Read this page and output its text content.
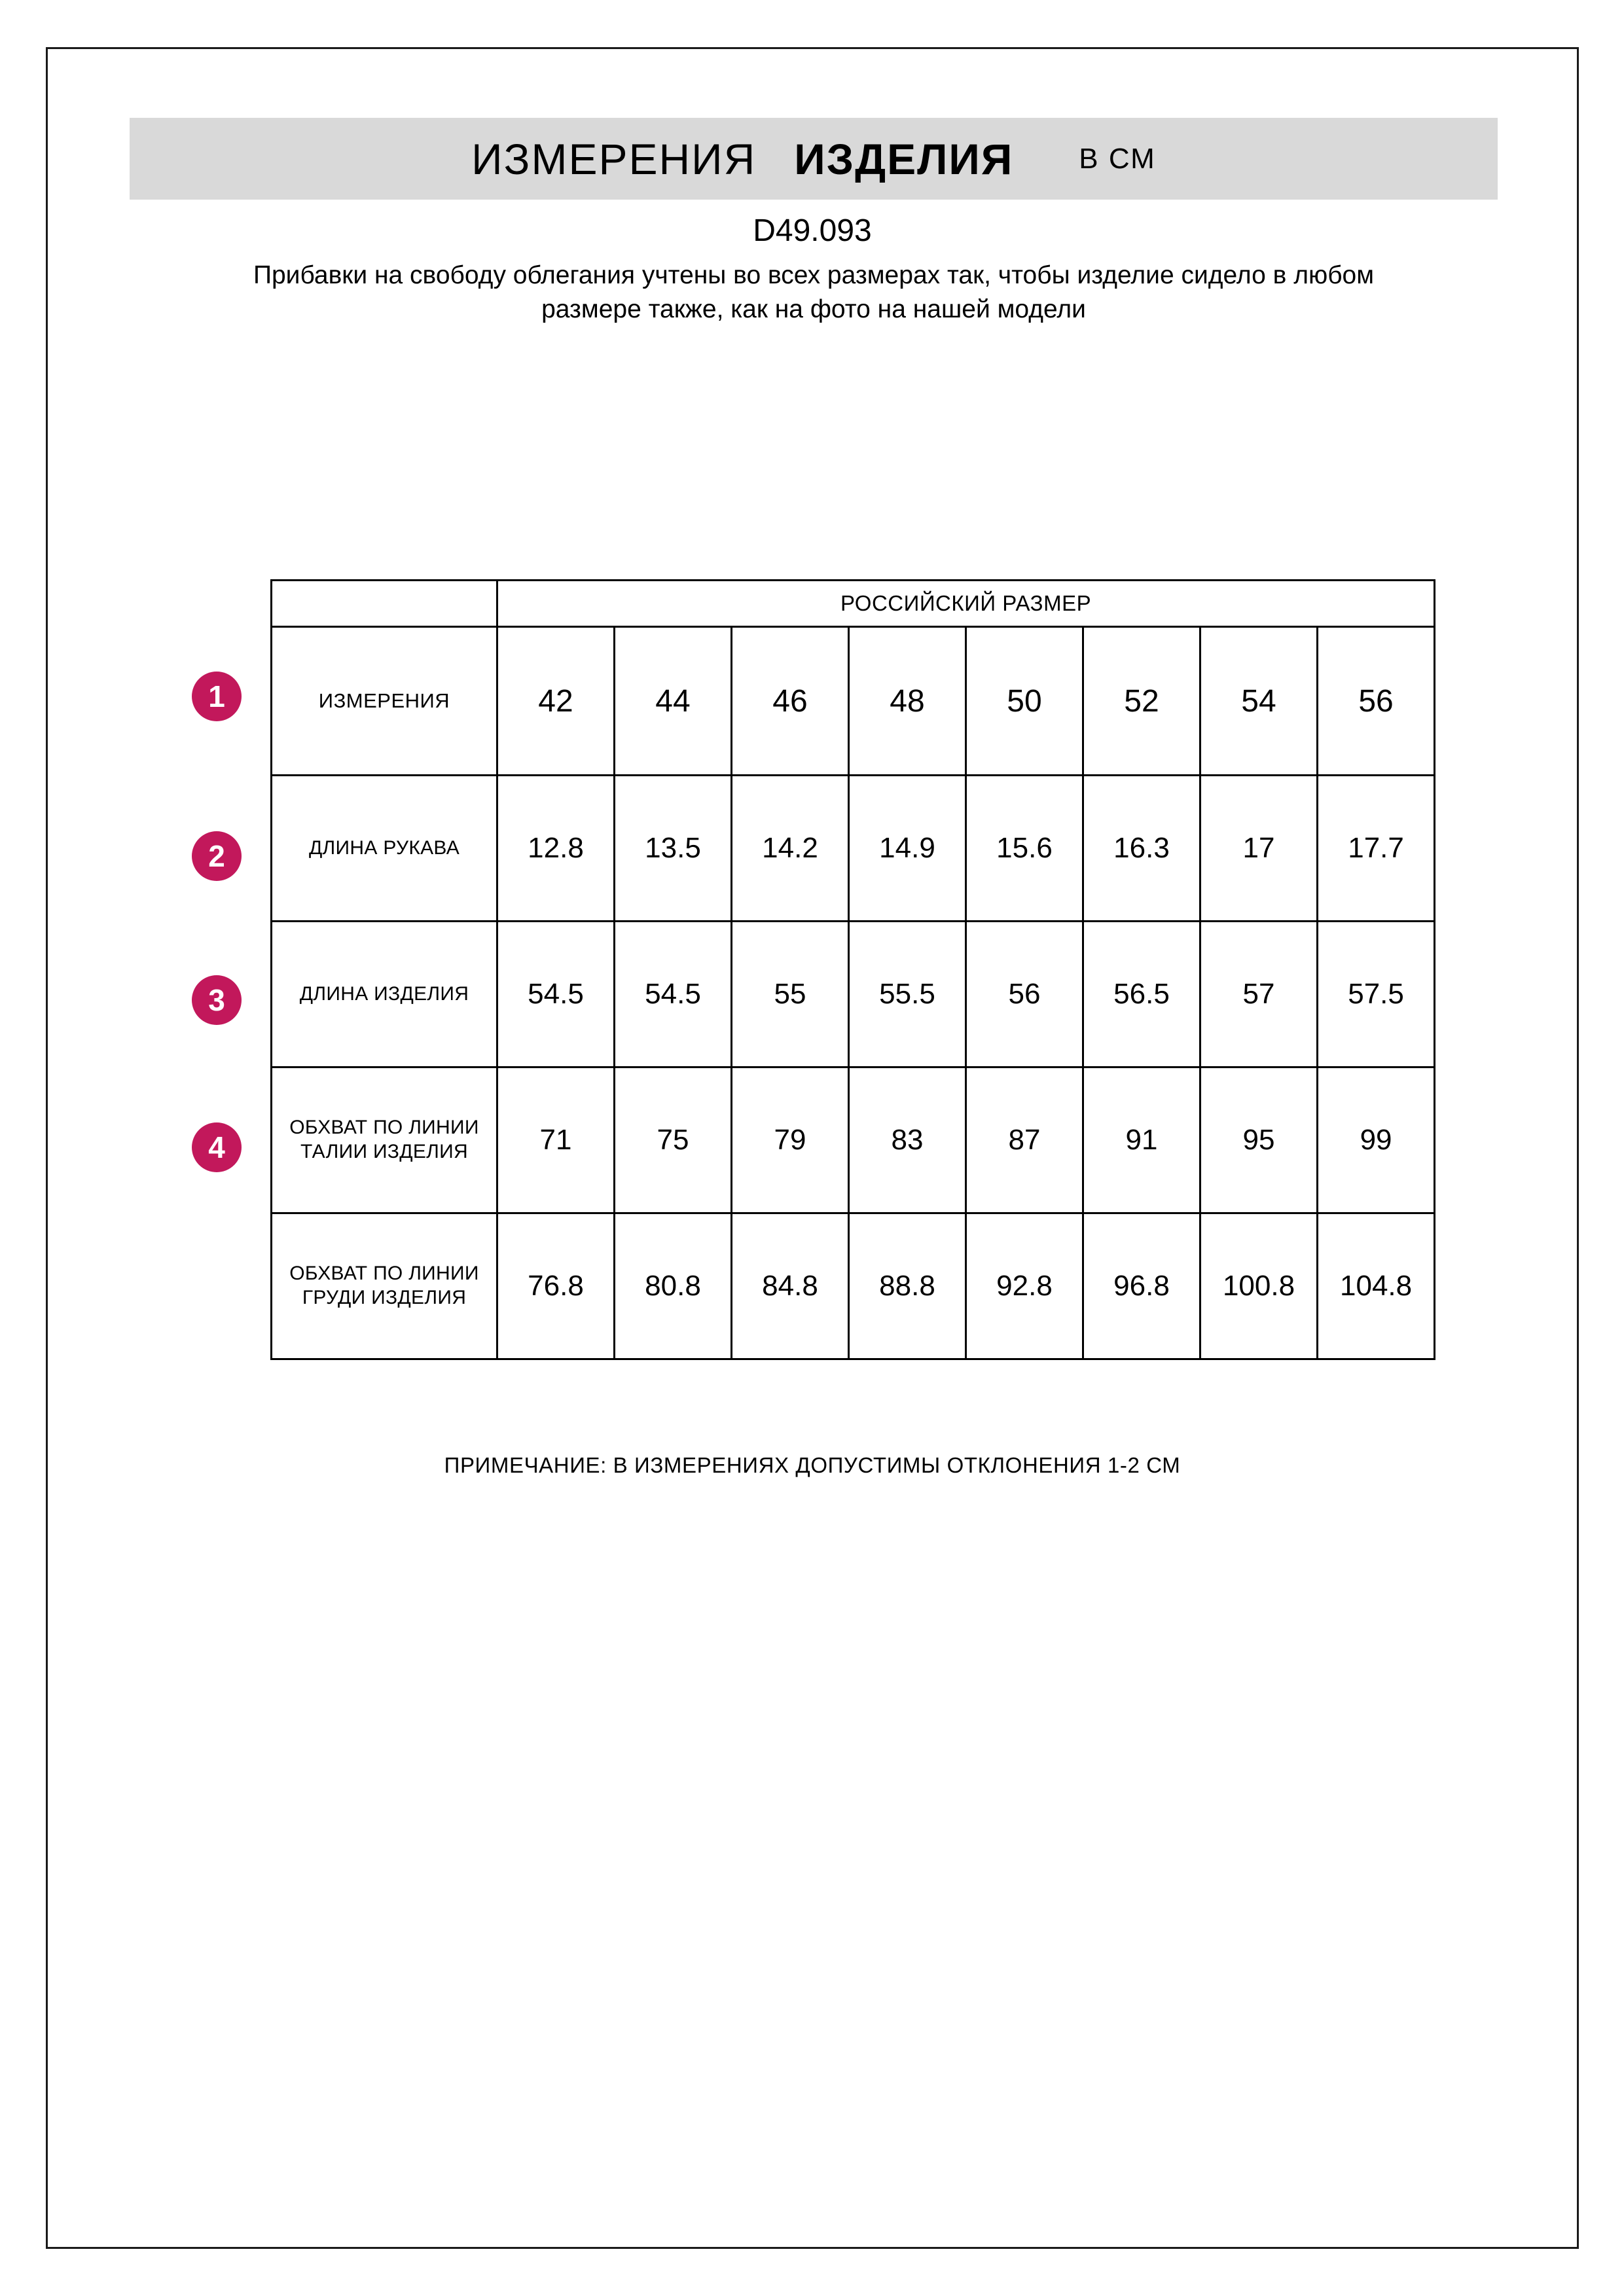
ИЗМЕРЕНИЯ ИЗДЕЛИЯ В СМ
D49.093
Прибавки на свободу облегания учтены во всех размерах так, чтобы изделие сидело в любом размере также, как на фото на нашей модели
1
2
3
4
	РОССИЙСКИЙ РАЗМЕР							
ИЗМЕРЕНИЯ	42	44	46	48	50	52	54	56
ДЛИНА РУКАВА	12.8	13.5	14.2	14.9	15.6	16.3	17	17.7
ДЛИНА ИЗДЕЛИЯ	54.5	54.5	55	55.5	56	56.5	57	57.5
ОБХВАТ ПО ЛИНИИ ТАЛИИ ИЗДЕЛИЯ	71	75	79	83	87	91	95	99
ОБХВАТ ПО ЛИНИИ ГРУДИ ИЗДЕЛИЯ	76.8	80.8	84.8	88.8	92.8	96.8	100.8	104.8
ПРИМЕЧАНИЕ: В ИЗМЕРЕНИЯХ ДОПУСТИМЫ ОТКЛОНЕНИЯ 1-2 СМ
